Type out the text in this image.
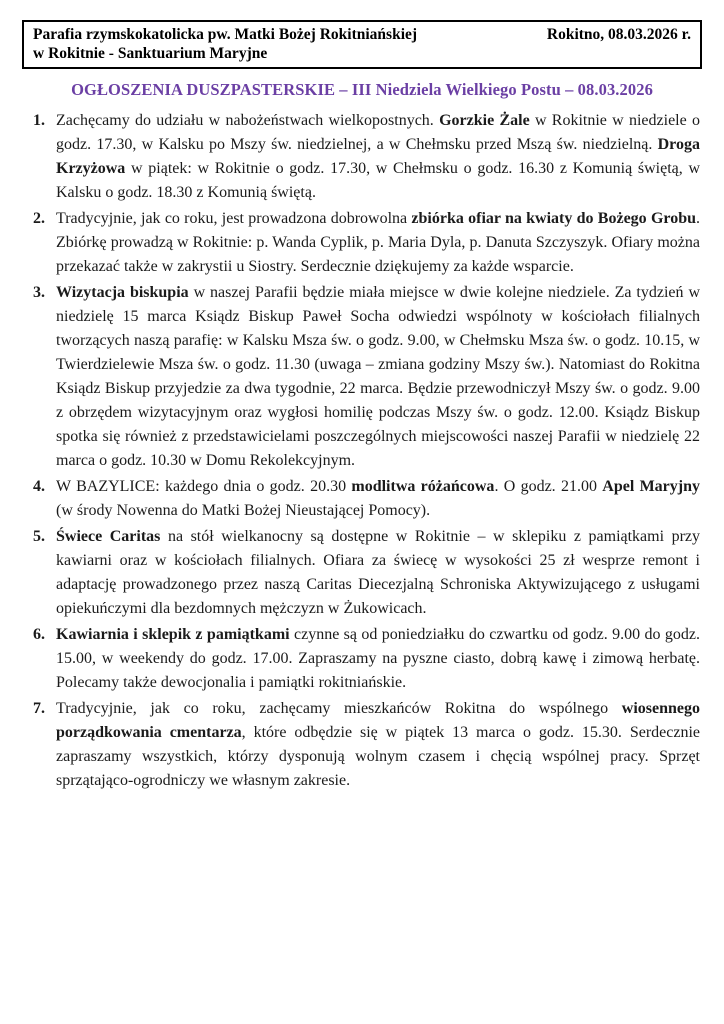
Parafia rzymskokatolicka pw. Matki Bożej Rokitniańskiej
w Rokitnie - Sanktuarium Maryjne
Rokitno, 08.03.2026 r.
OGŁOSZENIA DUSZPASTERSKIE – III Niedziela Wielkiego Postu – 08.03.2026
1. Zachęcamy do udziału w nabożeństwach wielkopostnych. Gorzkie Żale w Rokitnie w niedziele o godz. 17.30, w Kalsku po Mszy św. niedzielnej, a w Chełmsku przed Mszą św. niedzielną. Droga Krzyżowa w piątek: w Rokitnie o godz. 17.30, w Chełmsku o godz. 16.30 z Komunią świętą, w Kalsku o godz. 18.30 z Komunią świętą.
2. Tradycyjnie, jak co roku, jest prowadzona dobrowolna zbiórka ofiar na kwiaty do Bożego Grobu. Zbiórkę prowadzą w Rokitnie: p. Wanda Cyplik, p. Maria Dyla, p. Danuta Szczyszyk. Ofiary można przekazać także w zakrystii u Siostry. Serdecznie dziękujemy za każde wsparcie.
3. Wizytacja biskupia w naszej Parafii będzie miała miejsce w dwie kolejne niedziele. Za tydzień w niedzielę 15 marca Ksiądz Biskup Paweł Socha odwiedzi wspólnoty w kościołach filialnych tworzących naszą parafię: w Kalsku Msza św. o godz. 9.00, w Chełmsku Msza św. o godz. 10.15, w Twierdzielewie Msza św. o godz. 11.30 (uwaga – zmiana godziny Mszy św.). Natomiast do Rokitna Ksiądz Biskup przyjedzie za dwa tygodnie, 22 marca. Będzie przewodniczył Mszy św. o godz. 9.00 z obrzędem wizytacyjnym oraz wygłosi homilię podczas Mszy św. o godz. 12.00. Ksiądz Biskup spotka się również z przedstawicielami poszczególnych miejscowości naszej Parafii w niedzielę 22 marca o godz. 10.30 w Domu Rekolekcyjnym.
4. W BAZYLICE: każdego dnia o godz. 20.30 modlitwa różańcowa. O godz. 21.00 Apel Maryjny (w środy Nowenna do Matki Bożej Nieustającej Pomocy).
5. Świece Caritas na stół wielkanocny są dostępne w Rokitnie – w sklepiku z pamiątkami przy kawiarni oraz w kościołach filialnych. Ofiara za świecę w wysokości 25 zł wesprze remont i adaptację prowadzonego przez naszą Caritas Diecezjalną Schroniska Aktywizującego z usługami opiekuńczymi dla bezdomnych mężczyzn w Żukowicach.
6. Kawiarnia i sklepik z pamiątkami czynne są od poniedziałku do czwartku od godz. 9.00 do godz. 15.00, w weekendy do godz. 17.00. Zapraszamy na pyszne ciasto, dobrą kawę i zimową herbatę. Polecamy także dewocjonalia i pamiątki rokitniańskie.
7. Tradycyjnie, jak co roku, zachęcamy mieszkańców Rokitna do wspólnego wiosennego porządkowania cmentarza, które odbędzie się w piątek 13 marca o godz. 15.30. Serdecznie zapraszamy wszystkich, którzy dysponują wolnym czasem i chęcią wspólnej pracy. Sprzęt sprzątająco-ogrodniczy we własnym zakresie.
